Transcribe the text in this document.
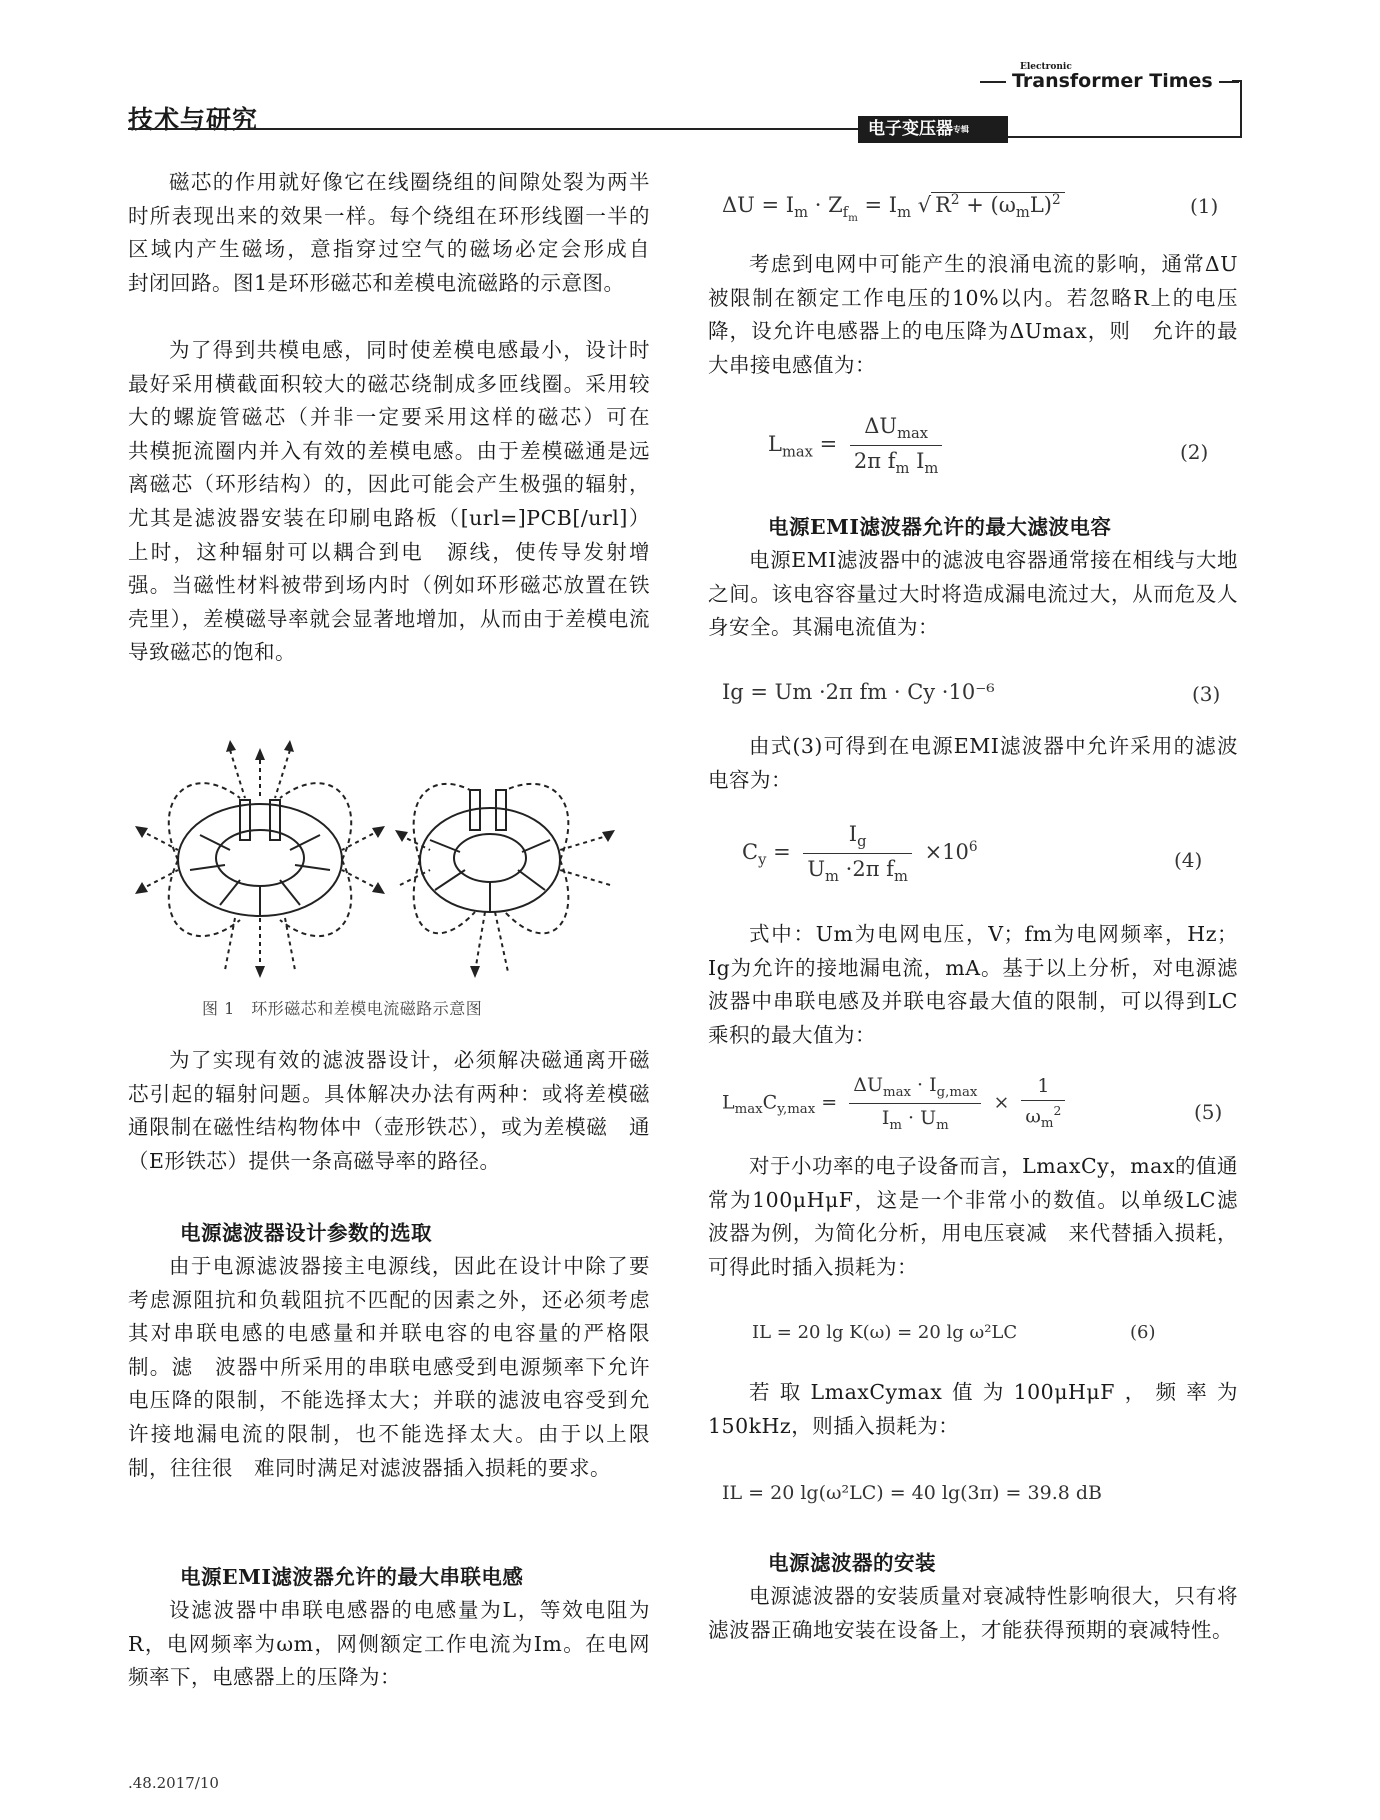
技术与研究
Electronic
Transformer Times
电子变压器$^{专辑}$

磁芯的作用就好像它在线圈绕组的间隙处裂为两半时所表现出来的效果一样。每个绕组在环形线圈一半的区域内产生磁场，意指穿过空气的磁场必定会形成自　封闭回路。图1是环形磁芯和差模电流磁路的示意图。

为了得到共模电感，同时使差模电感最小，设计时最好采用横截面积较大的磁芯绕制成多匝线圈。采用较大的螺旋管磁芯（并非一定要采用这样的磁芯）可在　共模扼流圈内并入有效的差模电感。由于差模磁通是远离磁芯（环形结构）的，因此可能会产生极强的辐射，尤其是滤波器安装在印刷电路板（[url=]PCB[/url]）上时，这种辐射可以耦合到电　源线，使传导发射增强。当磁性材料被带到场内时（例如环形磁芯放置在铁壳里），差模磁导率就会显著地增加，从而由于差模电流导致磁芯的饱和。

图 1　环形磁芯和差模电流磁路示意图

为了实现有效的滤波器设计，必须解决磁通离开磁芯引起的辐射问题。具体解决办法有两种：或将差模磁通限制在磁性结构物体中（壶形铁芯），或为差模磁　通（E形铁芯）提供一条高磁导率的路径。

电源滤波器设计参数的选取

由于电源滤波器接主电源线，因此在设计中除了要考虑源阻抗和负载阻抗不匹配的因素之外，还必须考虑其对串联电感的电感量和并联电容的电容量的严格限制。滤　波器中所采用的串联电感受到电源频率下允许电压降的限制，不能选择太大；并联的滤波电容受到允许接地漏电流的限制，也不能选择太大。由于以上限制，往往很　难同时满足对滤波器插入损耗的要求。

电源EMI滤波器允许的最大串联电感

设滤波器中串联电感器的电感量为L，等效电阻为R，电网频率为ωm，网侧额定工作电流为Im。在电网频率下，电感器上的压降为：

$\Delta U = I_m \cdot Z_{f_m} = I_m$ √ $R^2 + (\omega_mL)^2$	(1)

考虑到电网中可能产生的浪涌电流的影响，通常ΔU被限制在额定工作电压的10%以内。若忽略R上的电压降，设允许电感器上的电压降为ΔUmax，则　允许的最大串接电感值为：

$L_{max} = \frac{\Delta U_{max}}{2\pi f_m I_m}$	(2)
电源EMI滤波器允许的最大滤波电容

电源EMI滤波器中的滤波电容器通常接在相线与大地之间。该电容容量过大时将造成漏电流过大，从而危及人身安全。其漏电流值为：

Ig = Um ·2π fm · Cy ·10⁻⁶	(3)

由式(3)可得到在电源EMI滤波器中允许采用的滤波电容为：

$C_y = \frac{I_g}{U_m \cdot 2\pi f_m} \times 10^6$
(4)

式中：Um为电网电压，V；fm为电网频率，Hz；Ig为允许的接地漏电流，mA。基于以上分析，对电源滤波器中串联电感及并联电容最大值的限制，可以得到LC乘积的最大值为：

$L_{max}C_{y,max} = \frac{\Delta U_{max} \cdot I_{g,max}}{I_m \cdot U_m} \times \frac{1}{\omega_m^2}$	(5)

对于小功率的电子设备而言，LmaxCy，max的值通常为100μHμF，这是一个非常小的数值。以单级LC滤波器为例，为简化分析，用电压衰减　来代替插入损耗，可得此时插入损耗为：

IL = 20 lg K(ω) = 20 lg ω²LC	(6)

若取LmaxCymax值为100μHμF，频率为150kHz，则插入损耗为：

IL = 20 lg(ω²LC) = 40 lg(3π) = 39.8 dB
电源滤波器的安装

电源滤波器的安装质量对衰减特性影响很大，只有将滤波器正确地安装在设备上，才能获得预期的衰减特性。

.48.2017/10
